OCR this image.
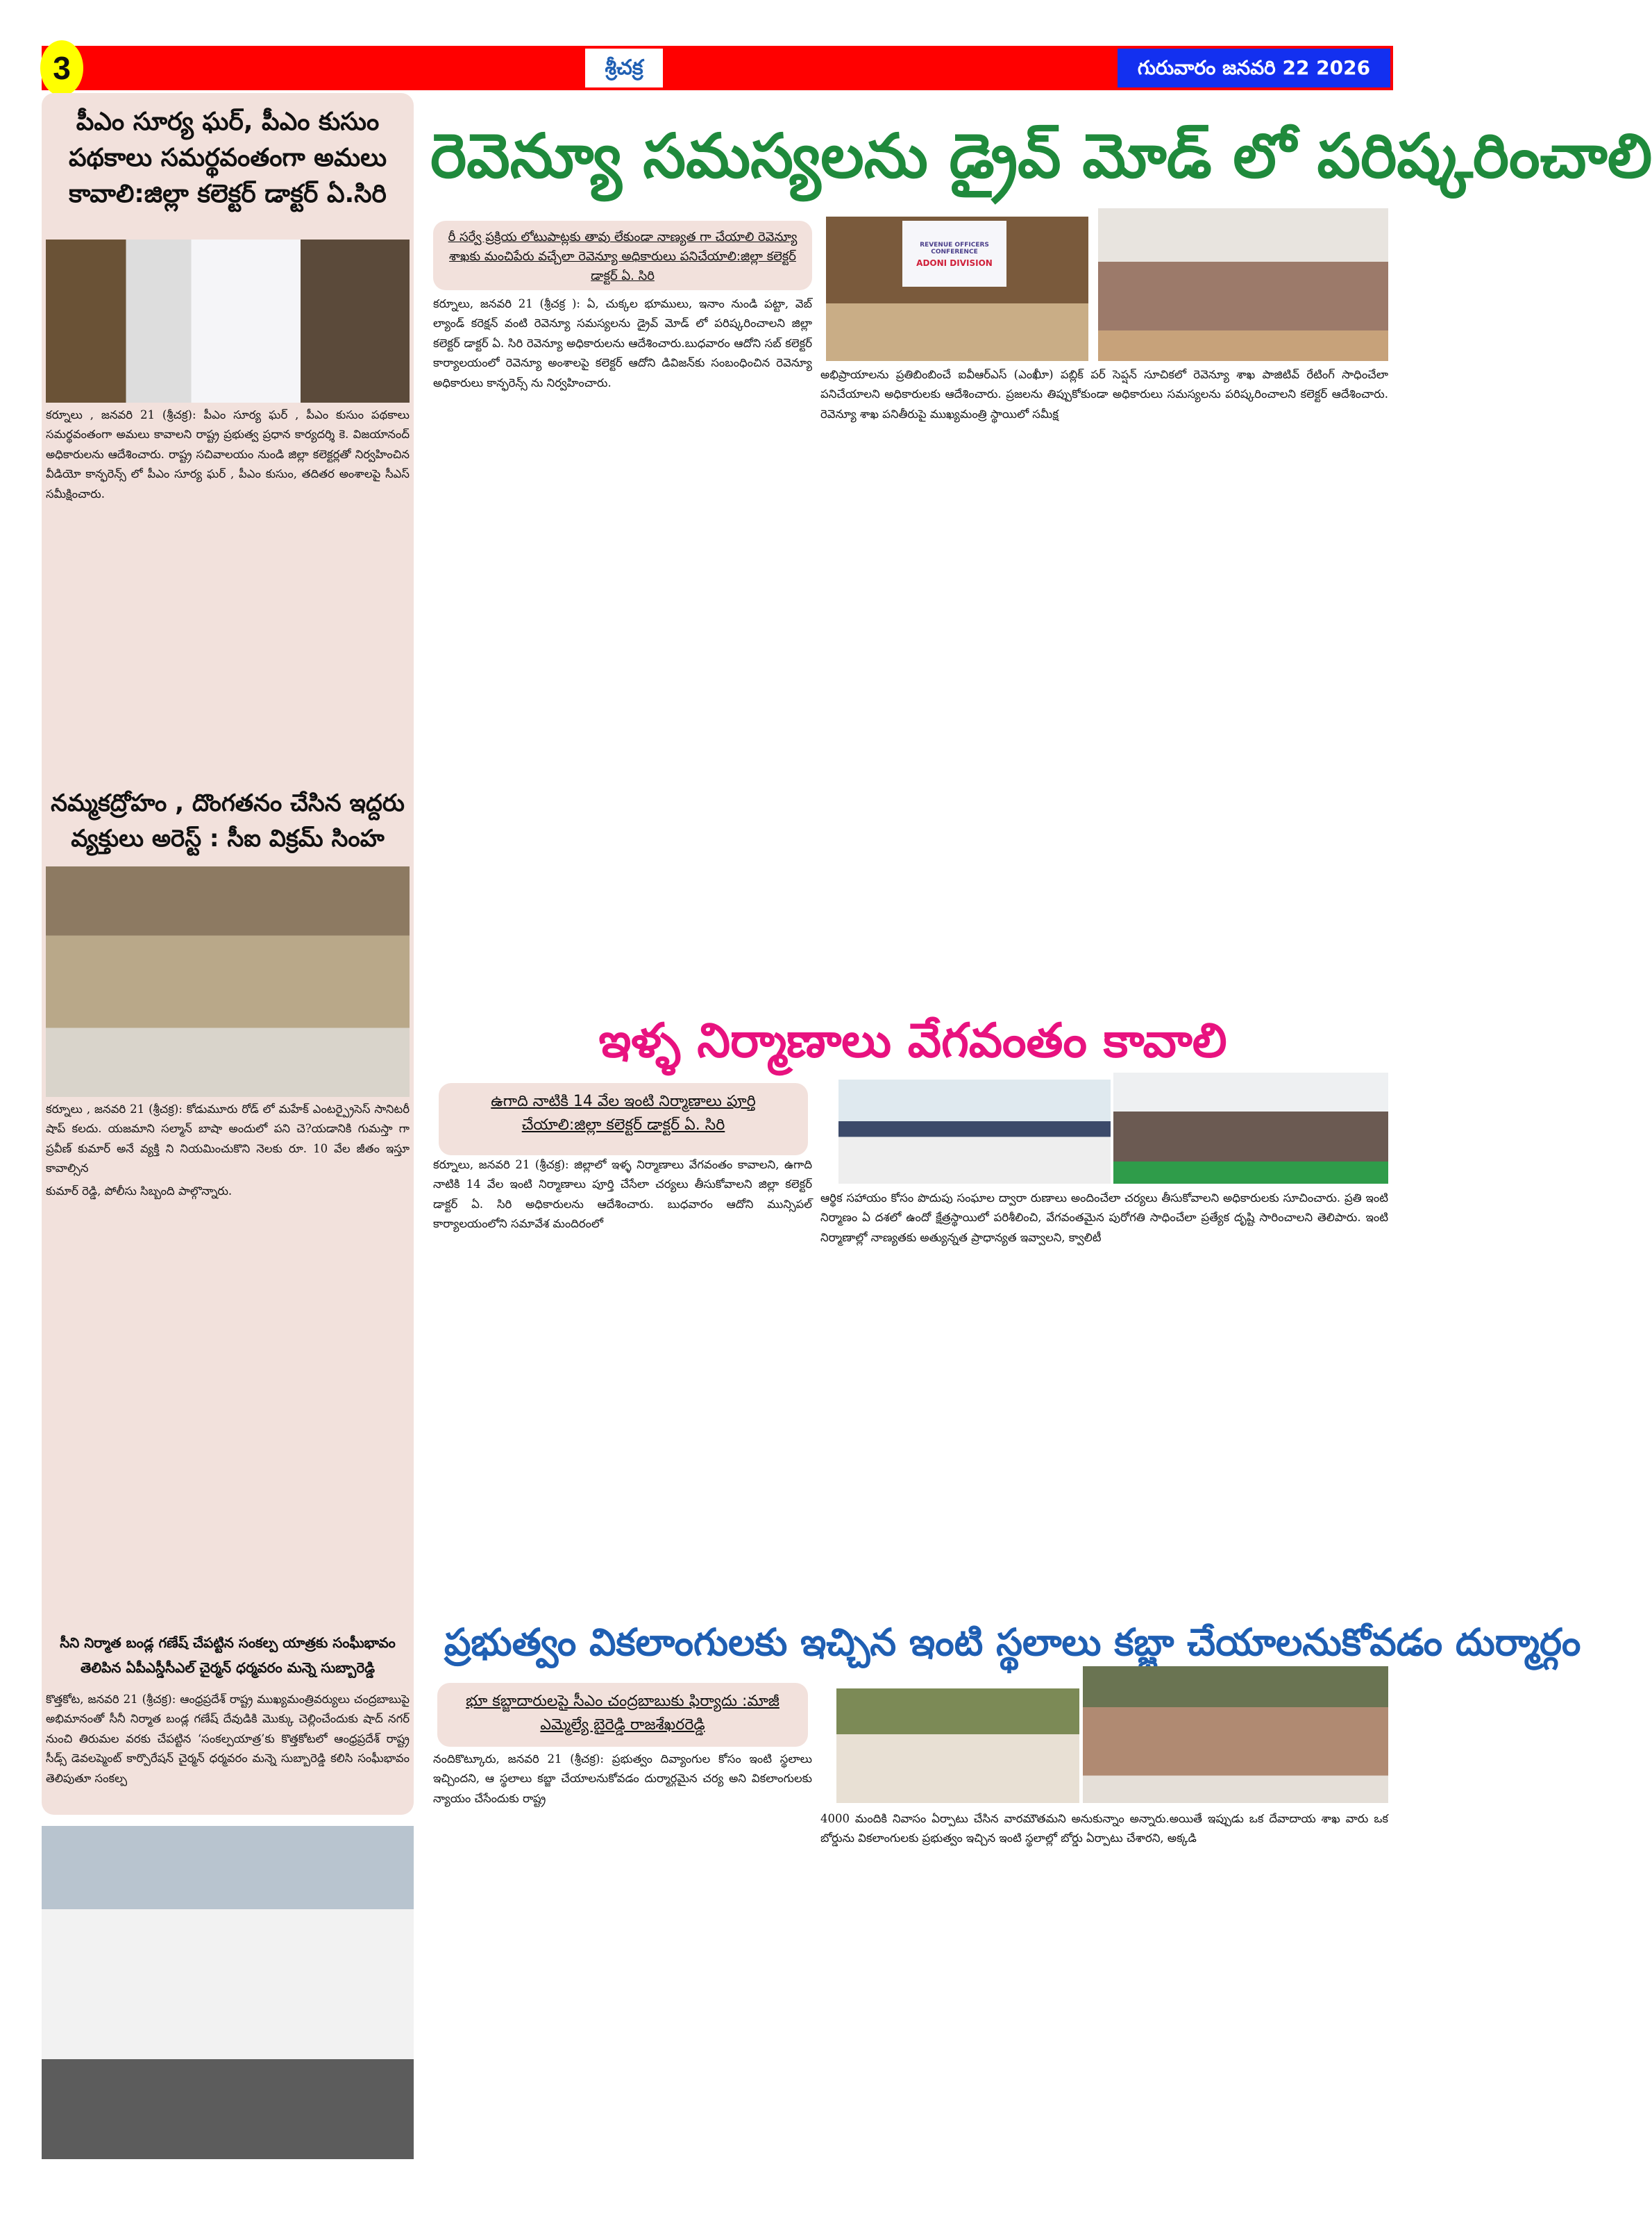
3	శ్రీచక్ర	గురువారం జనవరి 22 2026
పీఎం సూర్య ఘర్, పీఎం కుసుం పథకాలు సమర్థవంతంగా అమలు కావాలి:జిల్లా కలెక్టర్ డాక్టర్ ఏ.సిరి

కర్నూలు , జనవరి 21 (శ్రీచక్ర): పీఎం సూర్య ఘర్ , పీఎం కుసుం పథకాలు సమర్థవంతంగా అమలు కావాలని రాష్ట్ర ప్రభుత్వ ప్రధాన కార్యదర్శి కె. విజయానంద్ అధికారులను ఆదేశించారు. రాష్ట్ర సచివాలయం నుండి జిల్లా కలెక్టర్లతో నిర్వహించిన వీడియో కాన్ఫరెన్స్ లో పీఎం సూర్య ఘర్ , పీఎం కుసుం, తదితర అంశాలపై సీఎస్ సమీక్షించారు.

నమ్మకద్రోహం , దొంగతనం చేసిన ఇద్దరు వ్యక్తులు అరెస్ట్ : సీఐ విక్రమ్ సింహ

కర్నూలు , జనవరి 21 (శ్రీచక్ర): కోడుమూరు రోడ్ లో మహేక్ ఎంటర్ప్రైసెస్ సానిటరీ షాప్ కలదు. యజమాని సల్మాన్ బాషా అందులో పని చె?యడానికి గుమస్తా గా ప్రవీణ్ కుమార్ అనే వ్యక్తి ని నియమించుకొని నెలకు రూ. 10 వేల జీతం ఇస్తూ కావాల్సిన

కుమార్ రెడ్డి, పోలీసు సిబ్బంది పాల్గొన్నారు.

సీని నిర్మాత బండ్ల గణేష్ చేపట్టిన సంకల్ప యాత్రకు సంఘీభావం తెలిపిన ఏపీఎస్డీసీఎల్ చైర్మన్ ధర్మవరం మన్నె సుబ్బారెడ్డి

కొత్తకోట, జనవరి 21 (శ్రీచక్ర): ఆంధ్రప్రదేశ్ రాష్ట్ర ముఖ్యమంత్రివర్యులు చంద్రబాబుపై అభిమానంతో సీనీ నిర్మాత బండ్ల గణేష్ దేవుడికి మొక్కు చెల్లించేందుకు షాద్ నగర్ నుంచి తిరుమల వరకు చేపట్టిన ‘సంకల్పయాత్ర’కు కొత్తకోటలో ఆంధ్రప్రదేశ్ రాష్ట్ర సీడ్స్ డెవలప్మెంట్ కార్పొరేషన్ చైర్మన్ ధర్మవరం మన్నె సుబ్బారెడ్డి కలిసి సంఘీభావం తెలిపుతూ సంకల్ప

రెవెన్యూ సమస్యలను డ్రైవ్ మోడ్ లో పరిష్కరించాలి
రీ సర్వే ప్రక్రియ లోటుపాట్లకు తావు లేకుండా నాణ్యత గా చేయాలి రెవెన్యూ శాఖకు మంచిపేరు వచ్చేలా రెవెన్యూ అధికారులు పనిచేయాలి:జిల్లా కలెక్టర్ డాక్టర్ ఏ. సిరి
REVENUE OFFICERS CONFERENCE
ADONI DIVISION

కర్నూలు, జనవరి 21 (శ్రీచక్ర ): ఏ, చుక్కల భూములు, ఇనాం నుండి పట్టా, వెబ్ ల్యాండ్ కరెక్షన్ వంటి రెవెన్యూ సమస్యలను డ్రైవ్ మోడ్ లో పరిష్కరించాలని జిల్లా కలెక్టర్ డాక్టర్ ఏ. సిరి రెవెన్యూ అధికారులను ఆదేశించారు.బుధవారం ఆదోని సబ్ కలెక్టర్ కార్యాలయంలో రెవెన్యూ అంశాలపై కలెక్టర్ ఆదోని డివిజన్‌కు సంబంధించిన రెవెన్యూ అధికారులు కాన్ఫరెన్స్ ను నిర్వహించారు.

అభిప్రాయాలను ప్రతిబింబించే ఐవీఆర్ఎస్ (ఎంఖీూ) పబ్లిక్ పర్ సెప్షన్ సూచికలో రెవెన్యూ శాఖ పాజిటివ్ రేటింగ్ సాధించేలా పనిచేయాలని అధికారులకు ఆదేశించారు. ప్రజలను తిప్పుకోకుండా అధికారులు సమస్యలను పరిష్కరించాలని కలెక్టర్ ఆదేశించారు. రెవెన్యూ శాఖ పనితీరుపై ముఖ్యమంత్రి స్థాయిలో సమీక్ష

ఇళ్ళ నిర్మాణాలు వేగవంతం కావాలి
ఉగాది నాటికి 14 వేల ఇంటి నిర్మాణాలు పూర్తి చేయాలి:జిల్లా కలెక్టర్ డాక్టర్ ఏ. సిరి

కర్నూలు, జనవరి 21 (శ్రీచక్ర): జిల్లాలో ఇళ్ళ నిర్మాణాలు వేగవంతం కావాలని, ఉగాది నాటికి 14 వేల ఇంటి నిర్మాణాలు పూర్తి చేసేలా చర్యలు తీసుకోవాలని జిల్లా కలెక్టర్ డాక్టర్ ఏ. సిరి అధికారులను ఆదేశించారు. బుధవారం ఆదోని మున్సిపల్ కార్యాలయంలోని సమావేశ మందిరంలో

ఆర్థిక సహాయం కోసం పొదుపు సంఘాల ద్వారా రుణాలు అందించేలా చర్యలు తీసుకోవాలని అధికారులకు సూచించారు. ప్రతి ఇంటి నిర్మాణం ఏ దశలో ఉందో క్షేత్రస్థాయిలో పరిశీలించి, వేగవంతమైన పురోగతి సాధించేలా ప్రత్యేక దృష్టి సారించాలని తెలిపారు. ఇంటి నిర్మాణాల్లో నాణ్యతకు అత్యున్నత ప్రాధాన్యత ఇవ్వాలని, క్వాలిటీ

ప్రభుత్వం వికలాంగులకు ఇచ్చిన ఇంటి స్థలాలు కబ్జా చేయాలనుకోవడం దుర్మార్గం
భూ కబ్జాదారులపై సీఎం చంద్రబాబుకు ఫిర్యాదు :మాజీ ఎమ్మెల్యే బైరెడ్డి రాజశేఖరరెడ్డి

నందికొట్కూరు, జనవరి 21 (శ్రీచక్ర): ప్రభుత్వం దివ్యాంగుల కోసం ఇంటి స్థలాలు ఇచ్చిందని, ఆ స్థలాలు కబ్జా చేయాలనుకోవడం దుర్మార్గమైన చర్య అని వికలాంగులకు న్యాయం చేసేందుకు రాష్ట్ర

4000 మందికి నివాసం ఏర్పాటు చేసిన వారమౌతమని అనుకున్నాం అన్నారు.అయితే ఇప్పుడు ఒక దేవాదాయ శాఖ వారు ఒక బోర్డును వికలాంగులకు ప్రభుత్వం ఇచ్చిన ఇంటి స్థలాల్లో బోర్డు ఏర్పాటు చేశారని, అక్కడి
